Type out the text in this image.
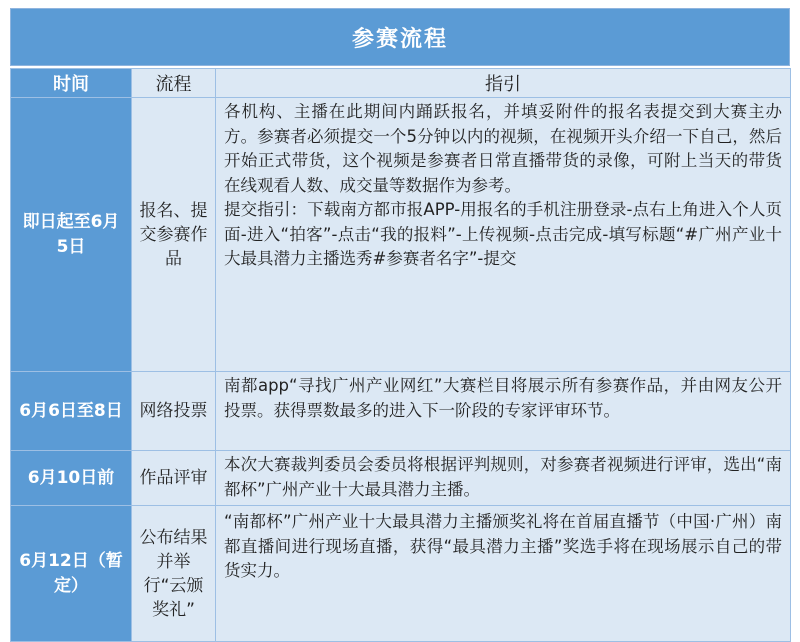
参赛流程
时间	流程	指引
即日起至6月5日	报名、提交参赛作品	各机构、主播在此期间内踊跃报名，并填妥附件的报名表提交到大赛主办方。参赛者必须提交一个5分钟以内的视频，在视频开头介绍一下自己，然后开始正式带货，这个视频是参赛者日常直播带货的录像，可附上当天的带货在线观看人数、成交量等数据作为参考。
提交指引：下载南方都市报APP-用报名的手机注册登录-点右上角进入个人页面-进入“拍客”-点击“我的报料”-上传视频-点击完成-填写标题“#广州产业十大最具潜力主播选秀#参赛者名字”-提交

6月6日至8日	网络投票	南都app“寻找广州产业网红”大赛栏目将展示所有参赛作品，并由网友公开投票。获得票数最多的进入下一阶段的专家评审环节。

6月10日前	作品评审	本次大赛裁判委员会委员将根据评判规则，对参赛者视频进行评审，选出“南都杯”广州产业十大最具潜力主播。

6月12日（暂定）	公布结果并举行“云颁奖礼”	“南都杯”广州产业十大最具潜力主播颁奖礼将在首届直播节（中国·广州）南都直播间进行现场直播，获得“最具潜力主播”奖选手将在现场展示自己的带货实力。
